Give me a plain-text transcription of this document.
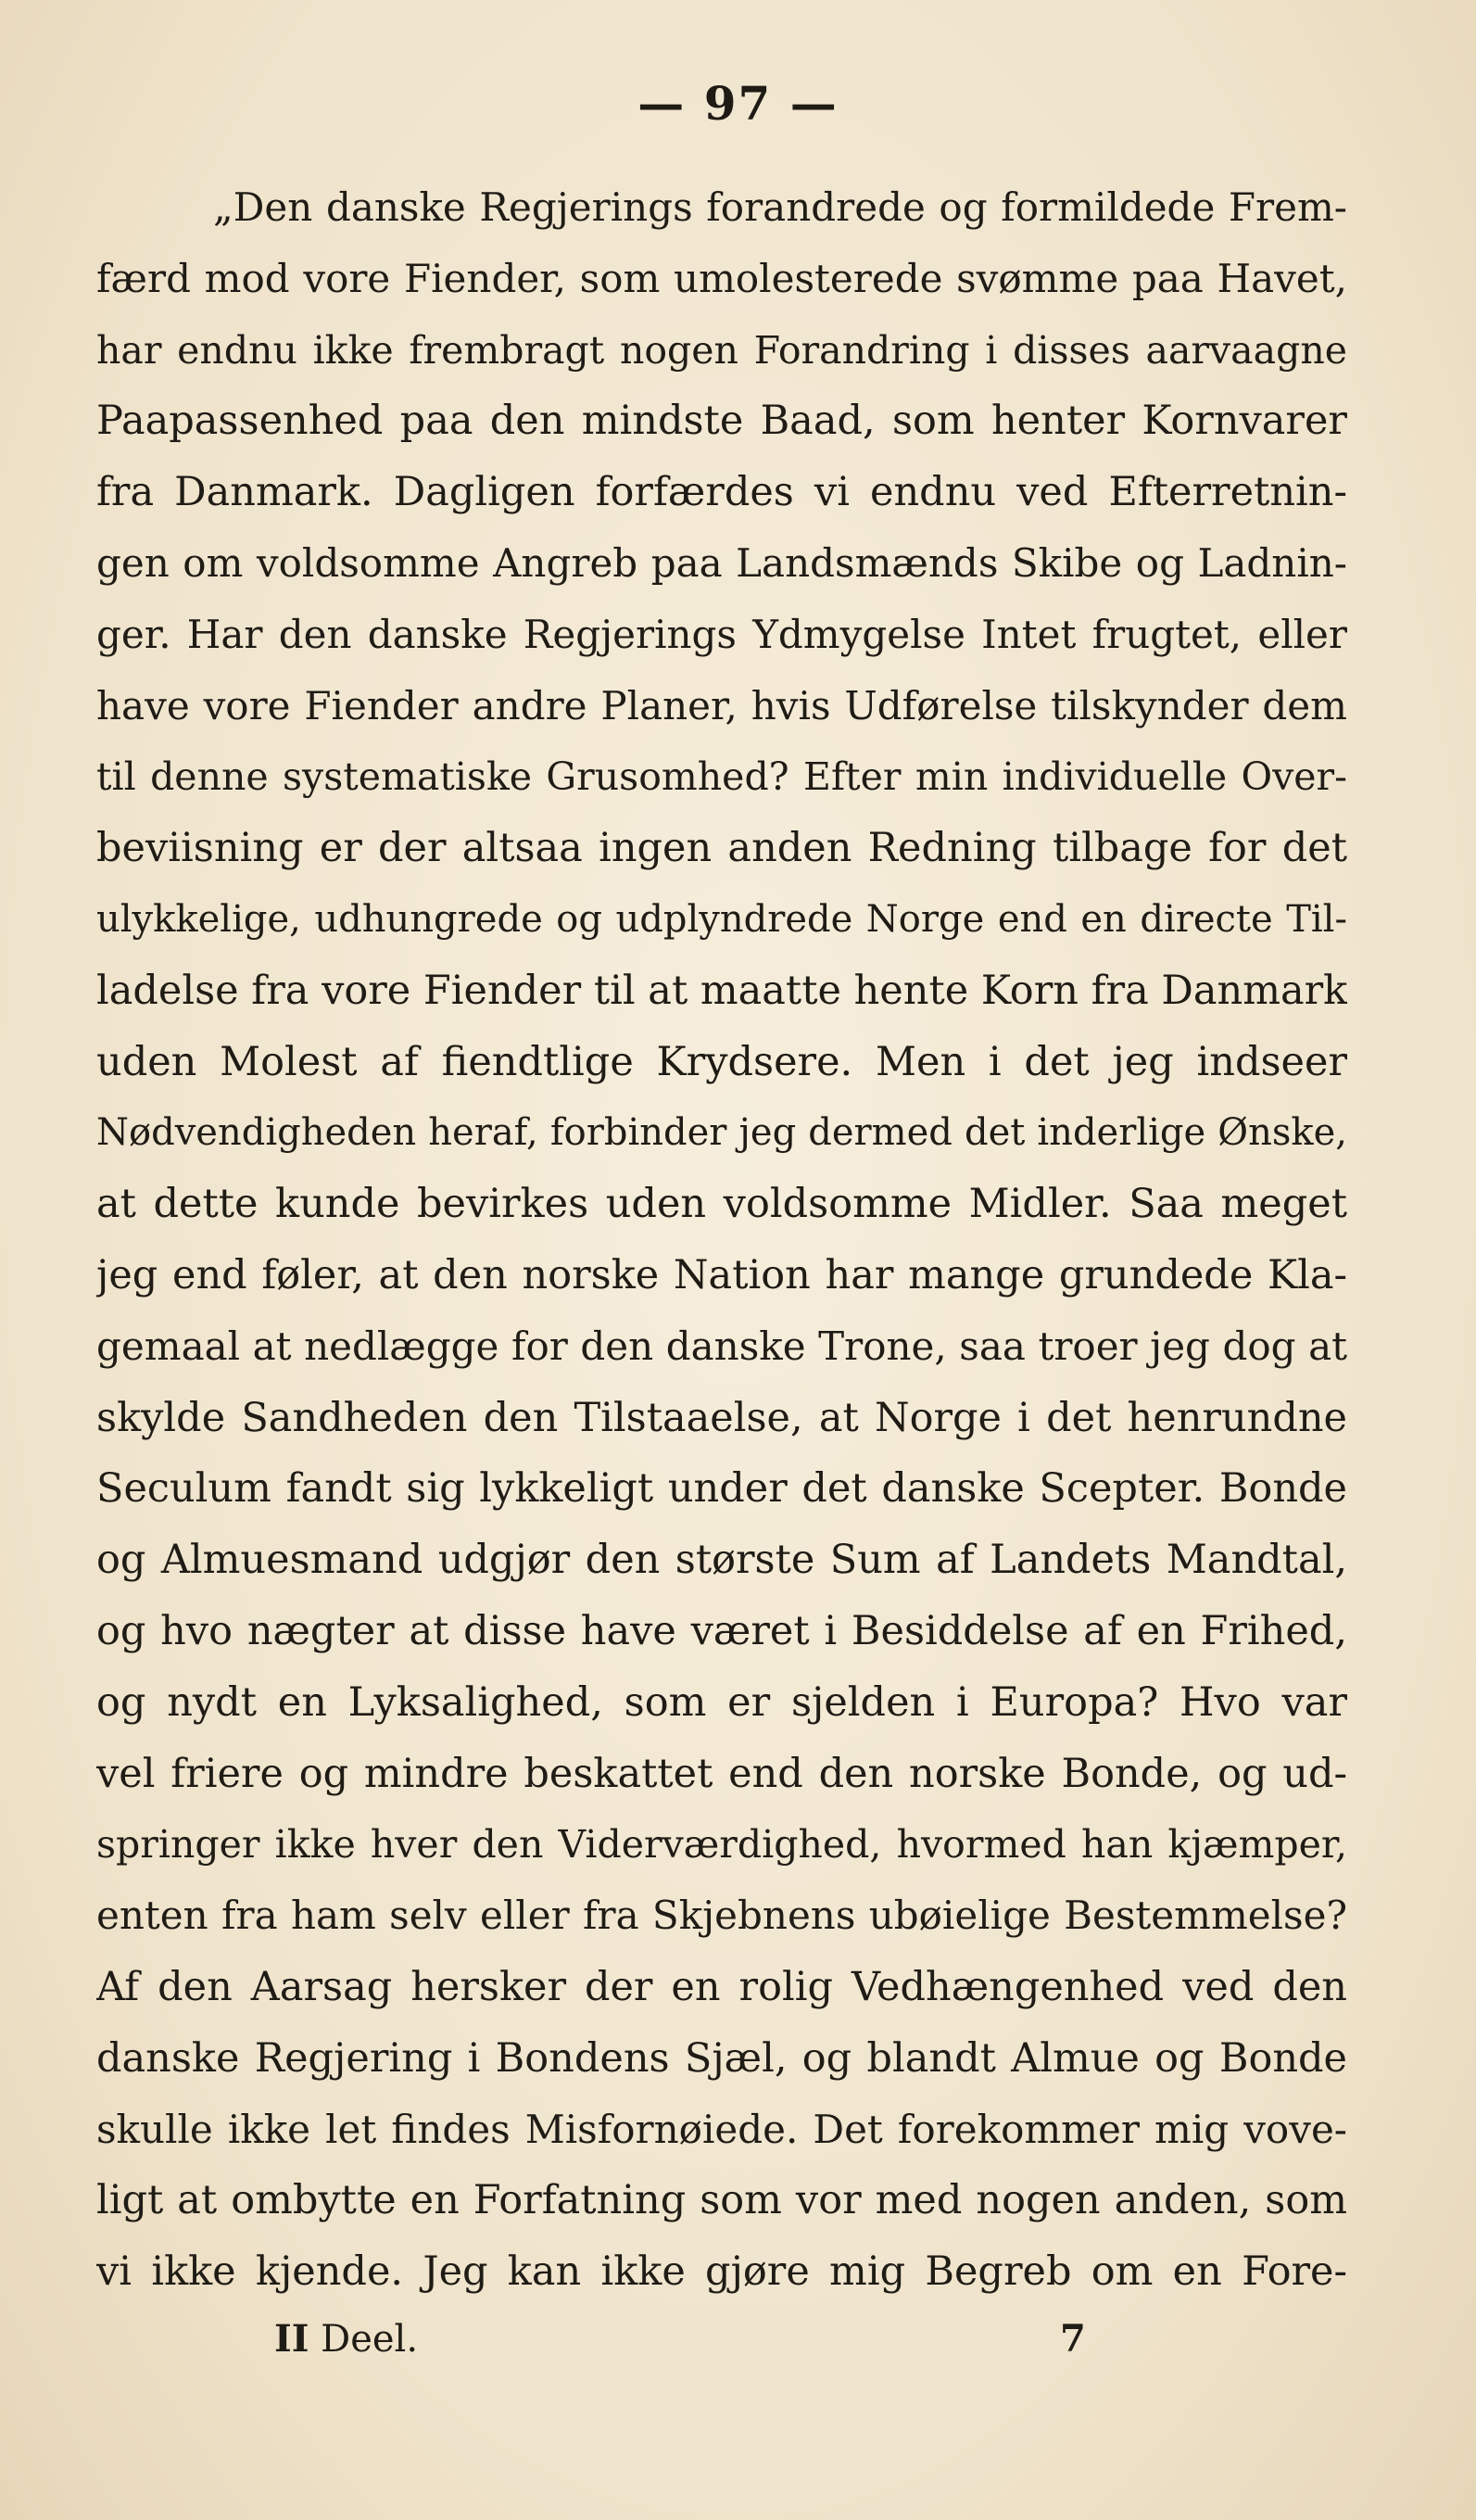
— 97 —
„Den danske Regjerings forandrede og formildede Frem-
færd mod vore Fiender, som umolesterede svømme paa Havet,
har endnu ikke frembragt nogen Forandring i disses aarvaagne
Paapassenhed paa den mindste Baad, som henter Kornvarer
fra Danmark. Dagligen forfærdes vi endnu ved Efterretnin-
gen om voldsomme Angreb paa Landsmænds Skibe og Ladnin-
ger. Har den danske Regjerings Ydmygelse Intet frugtet, eller
have vore Fiender andre Planer, hvis Udførelse tilskynder dem
til denne systematiske Grusomhed? Efter min individuelle Over-
beviisning er der altsaa ingen anden Redning tilbage for det
ulykkelige, udhungrede og udplyndrede Norge end en directe Til-
ladelse fra vore Fiender til at maatte hente Korn fra Danmark
uden Molest af fiendtlige Krydsere. Men i det jeg indseer
Nødvendigheden heraf, forbinder jeg dermed det inderlige Ønske,
at dette kunde bevirkes uden voldsomme Midler. Saa meget
jeg end føler, at den norske Nation har mange grundede Kla-
gemaal at nedlægge for den danske Trone, saa troer jeg dog at
skylde Sandheden den Tilstaaelse, at Norge i det henrundne
Seculum fandt sig lykkeligt under det danske Scepter. Bonde
og Almuesmand udgjør den største Sum af Landets Mandtal,
og hvo nægter at disse have været i Besiddelse af en Frihed,
og nydt en Lyksalighed, som er sjelden i Europa? Hvo var
vel friere og mindre beskattet end den norske Bonde, og ud-
springer ikke hver den Viderværdighed, hvormed han kjæmper,
enten fra ham selv eller fra Skjebnens ubøielige Bestemmelse?
Af den Aarsag hersker der en rolig Vedhængenhed ved den
danske Regjering i Bondens Sjæl, og blandt Almue og Bonde
skulle ikke let findes Misfornøiede. Det forekommer mig vove-
ligt at ombytte en Forfatning som vor med nogen anden, som
vi ikke kjende. Jeg kan ikke gjøre mig Begreb om en Fore-
II Deel.	7
